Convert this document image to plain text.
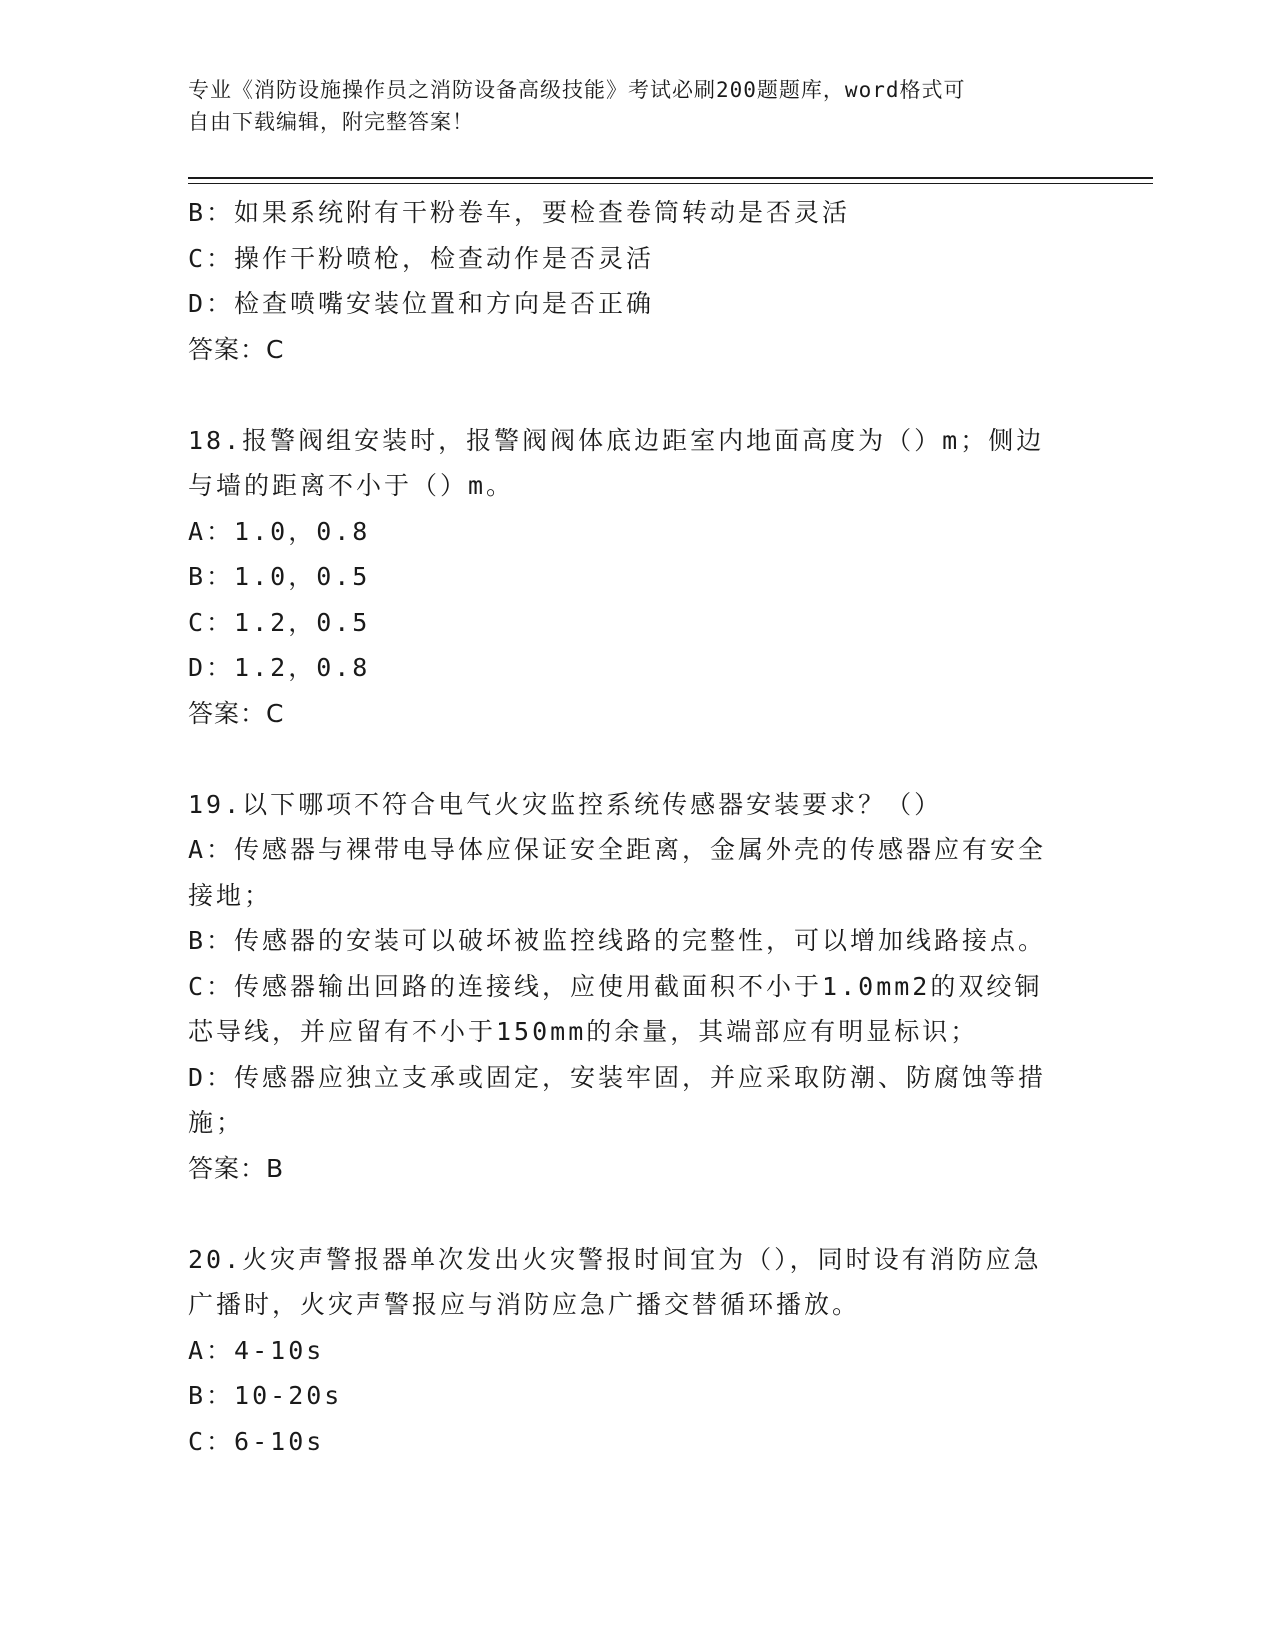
专业《消防设施操作员之消防设备高级技能》考试必刷200题题库，word格式可
自由下载编辑，附完整答案！
B：如果系统附有干粉卷车，要检查卷筒转动是否灵活
C：操作干粉喷枪，检查动作是否灵活
D：检查喷嘴安装位置和方向是否正确
答案：C
18.报警阀组安装时，报警阀阀体底边距室内地面高度为（）m；侧边
与墙的距离不小于（）m。
A：1.0，0.8
B：1.0，0.5
C：1.2，0.5
D：1.2，0.8
答案：C
19.以下哪项不符合电气火灾监控系统传感器安装要求？（）
A：传感器与裸带电导体应保证安全距离，金属外壳的传感器应有安全
接地；
B：传感器的安装可以破坏被监控线路的完整性，可以增加线路接点。
C：传感器输出回路的连接线，应使用截面积不小于1.0mm2的双绞铜
芯导线，并应留有不小于150mm的余量，其端部应有明显标识；
D：传感器应独立支承或固定，安装牢固，并应采取防潮、防腐蚀等措
施；
答案：B
20.火灾声警报器单次发出火灾警报时间宜为（），同时设有消防应急
广播时，火灾声警报应与消防应急广播交替循环播放。
A：4-10s
B：10-20s
C：6-10s
